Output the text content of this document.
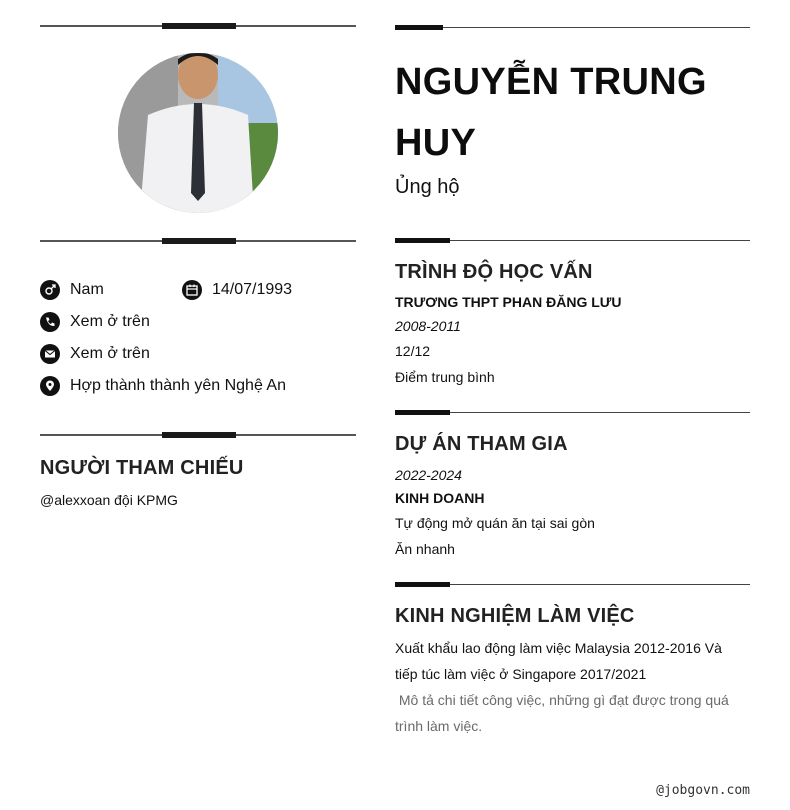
Nam	14/07/1993
Xem ở trên
Xem ở trên
Hợp thành thành yên Nghệ An
NGƯỜI THAM CHIẾU
@alexxoan đội KPMG
NGUYỄN TRUNG HUY
Ủng hộ
TRÌNH ĐỘ HỌC VẤN
TRƯƠNG THPT PHAN ĐĂNG LƯU
2008-2011
12/12
Điểm trung bình
DỰ ÁN THAM GIA
2022-2024
KINH DOANH
Tự động mở quán ăn tại sai gòn
Ăn nhanh
KINH NGHIỆM LÀM VIỆC
Xuất khẩu lao động làm việc Malaysia 2012-2016 Và
tiếp túc làm việc ở Singapore 2017/2021
Mô tả chi tiết công việc, những gì đạt được trong quá
trình làm việc.
@jobgovn.com
